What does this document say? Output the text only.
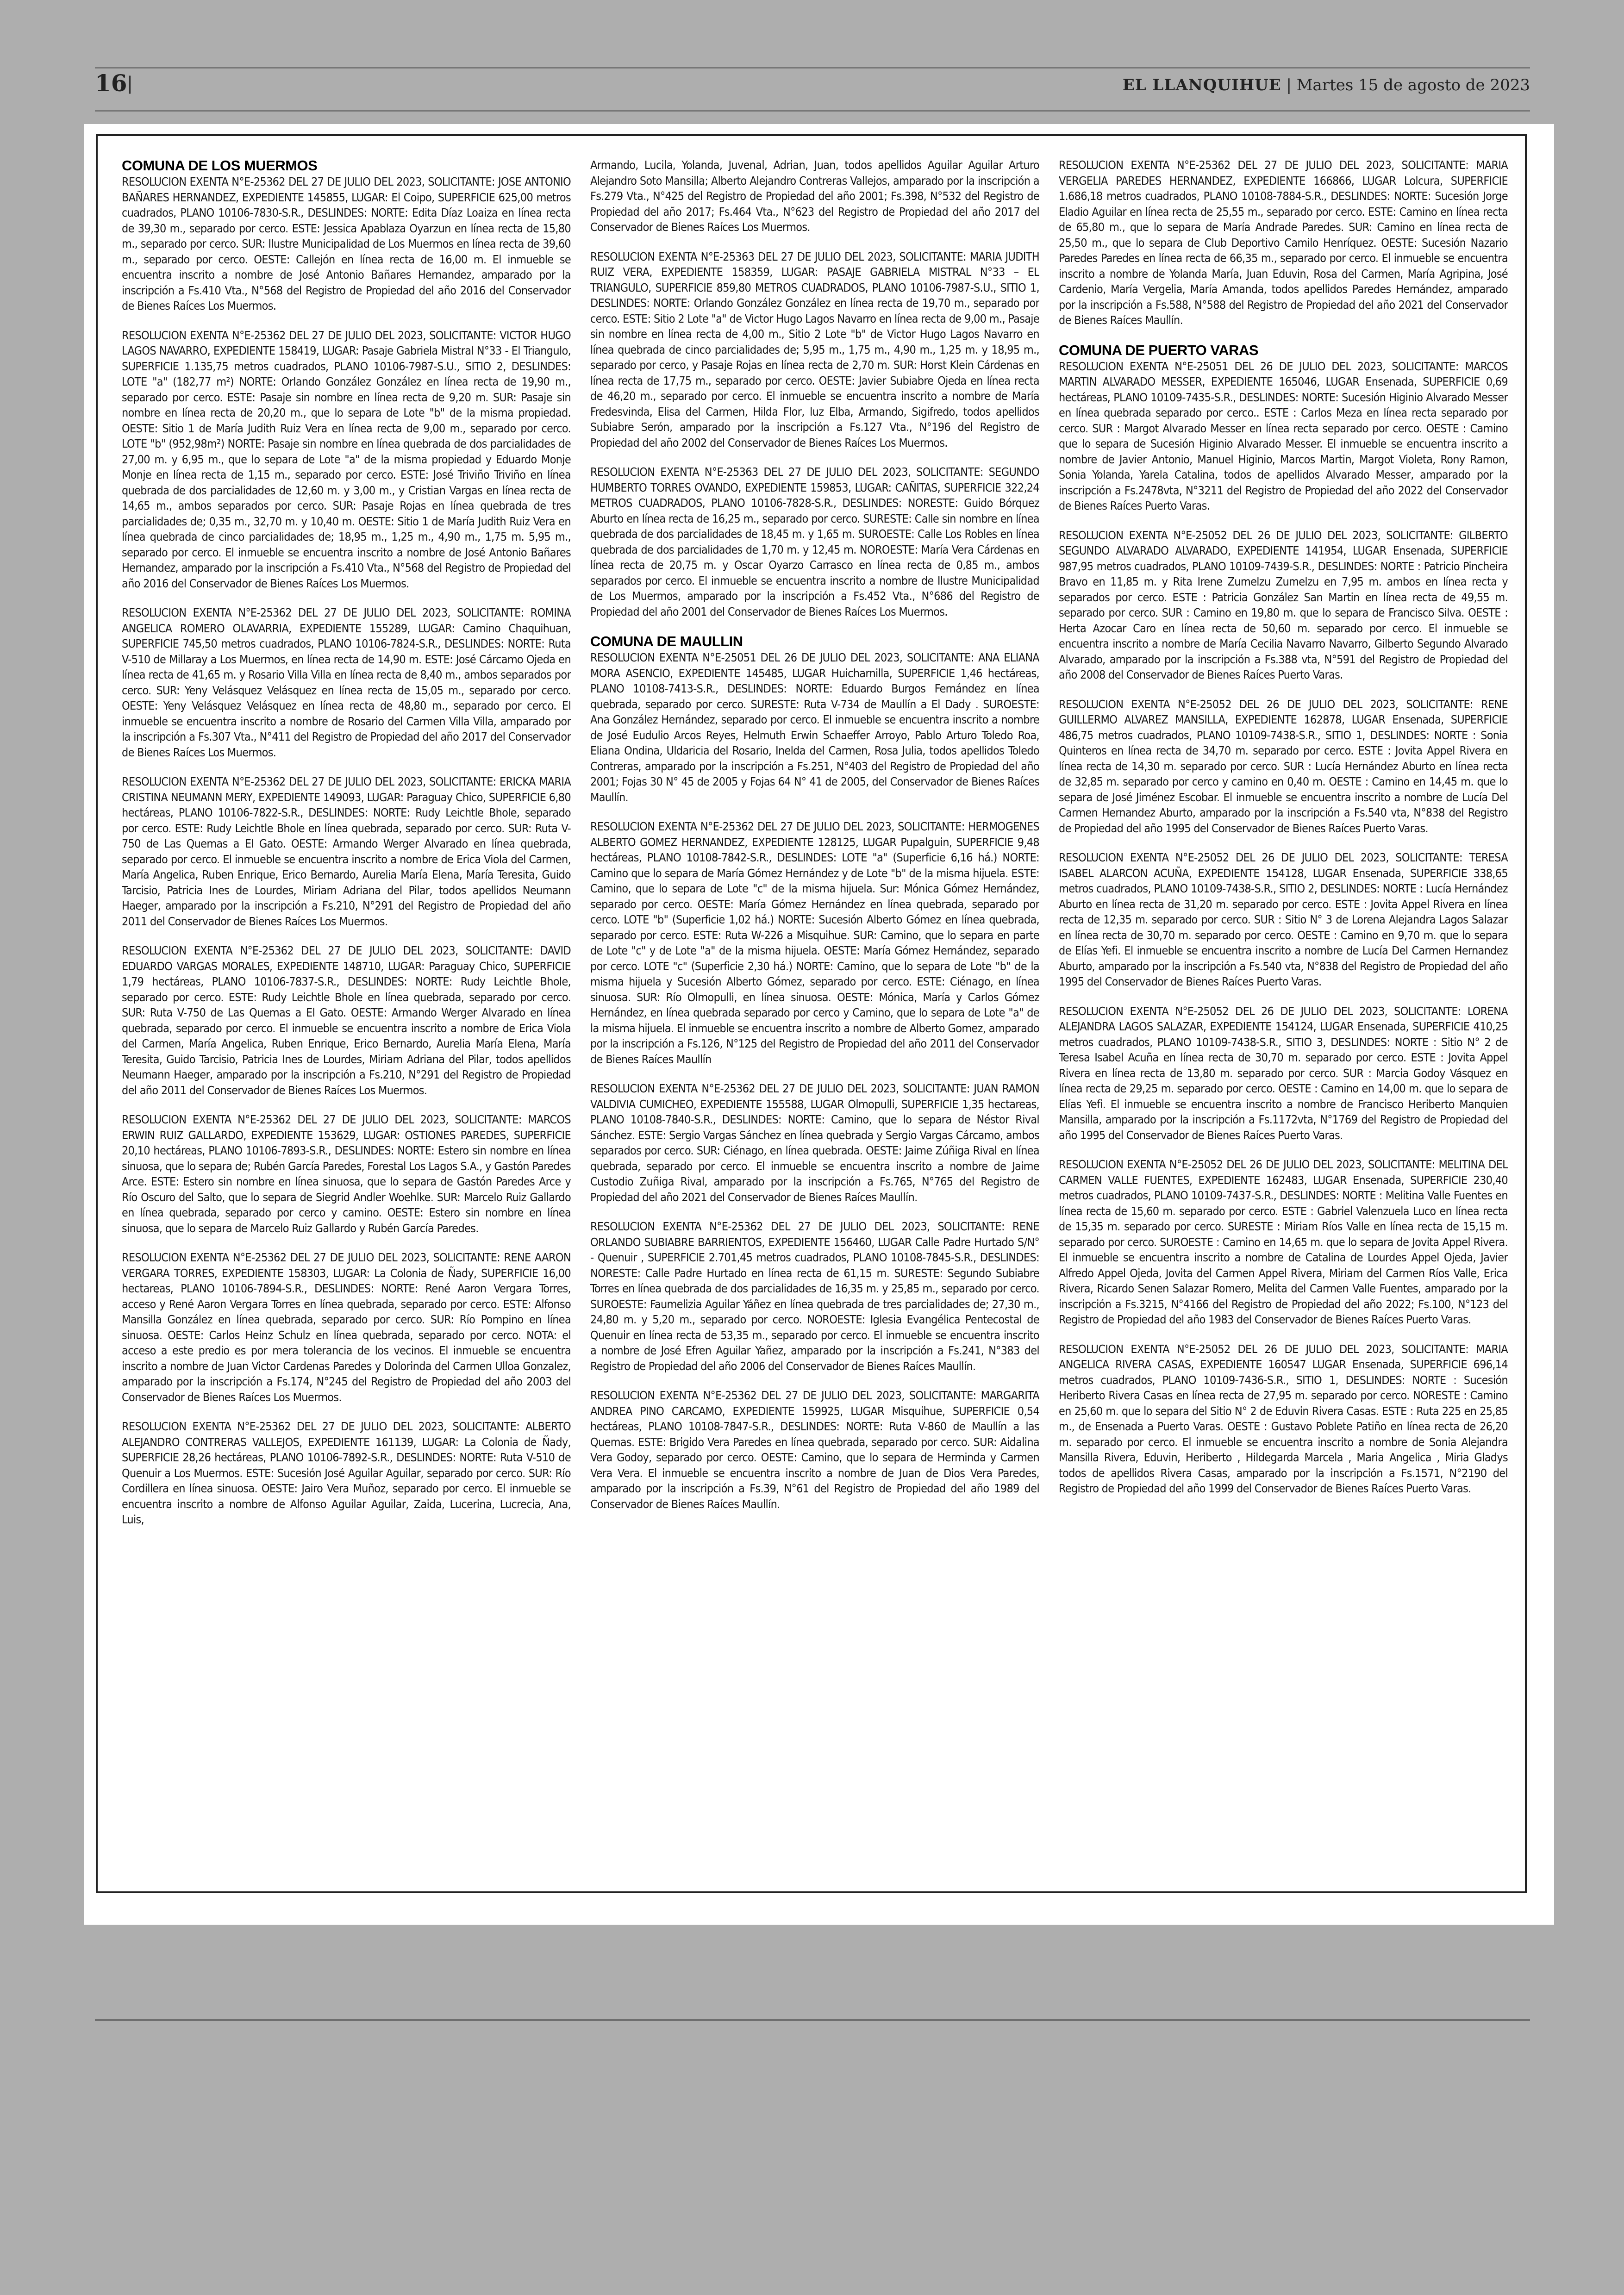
16 |	EL LLANQUIHUE | Martes 15 de agosto de 2023
COMUNA DE LOS MUERMOS

RESOLUCION EXENTA N°E-25362 DEL 27 DE JULIO DEL 2023, SOLICITANTE: JOSE ANTONIO BAÑARES HERNANDEZ, EXPEDIENTE 145855, LUGAR: El Coipo, SUPERFICIE 625,00 metros cuadrados, PLANO 10106-7830-S.R., DESLINDES: NORTE: Edita Díaz Loaiza en línea recta de 39,30 m., separado por cerco. ESTE: Jessica Apablaza Oyarzun en línea recta de 15,80 m., separado por cerco. SUR: Ilustre Municipalidad de Los Muermos en línea recta de 39,60 m., separado por cerco. OESTE: Callejón en línea recta de 16,00 m. El inmueble se encuentra inscrito a nombre de José Antonio Bañares Hernandez, amparado por la inscripción a Fs.410 Vta., N°568 del Registro de Propiedad del año 2016 del Conservador de Bienes Raíces Los Muermos.

RESOLUCION EXENTA N°E-25362 DEL 27 DE JULIO DEL 2023, SOLICITANTE: VICTOR HUGO LAGOS NAVARRO, EXPEDIENTE 158419, LUGAR: Pasaje Gabriela Mistral N°33 - El Triangulo, SUPERFICIE 1.135,75 metros cuadrados, PLANO 10106-7987-S.U., SITIO 2, DESLINDES: LOTE "a" (182,77 m²) NORTE: Orlando González González en línea recta de 19,90 m., separado por cerco. ESTE: Pasaje sin nombre en línea recta de 9,20 m. SUR: Pasaje sin nombre en línea recta de 20,20 m., que lo separa de Lote "b" de la misma propiedad. OESTE: Sitio 1 de María Judith Ruiz Vera en línea recta de 9,00 m., separado por cerco. LOTE "b" (952,98m²) NORTE: Pasaje sin nombre en línea quebrada de dos parcialidades de 27,00 m. y 6,95 m., que lo separa de Lote "a" de la misma propiedad y Eduardo Monje Monje en línea recta de 1,15 m., separado por cerco. ESTE: José Triviño Triviño en línea quebrada de dos parcialidades de 12,60 m. y 3,00 m., y Cristian Vargas en línea recta de 14,65 m., ambos separados por cerco. SUR: Pasaje Rojas en línea quebrada de tres parcialidades de; 0,35 m., 32,70 m. y 10,40 m. OESTE: Sitio 1 de María Judith Ruiz Vera en línea quebrada de cinco parcialidades de; 18,95 m., 1,25 m., 4,90 m., 1,75 m. 5,95 m., separado por cerco. El inmueble se encuentra inscrito a nombre de José Antonio Bañares Hernandez, amparado por la inscripción a Fs.410 Vta., N°568 del Registro de Propiedad del año 2016 del Conservador de Bienes Raíces Los Muermos.

RESOLUCION EXENTA N°E-25362 DEL 27 DE JULIO DEL 2023, SOLICITANTE: ROMINA ANGELICA ROMERO OLAVARRIA, EXPEDIENTE 155289, LUGAR: Camino Chaquihuan, SUPERFICIE 745,50 metros cuadrados, PLANO 10106-7824-S.R., DESLINDES: NORTE: Ruta V-510 de Millaray a Los Muermos, en línea recta de 14,90 m. ESTE: José Cárcamo Ojeda en línea recta de 41,65 m. y Rosario Villa Villa en línea recta de 8,40 m., ambos separados por cerco. SUR: Yeny Velásquez Velásquez en línea recta de 15,05 m., separado por cerco. OESTE: Yeny Velásquez Velásquez en línea recta de 48,80 m., separado por cerco. El inmueble se encuentra inscrito a nombre de Rosario del Carmen Villa Villa, amparado por la inscripción a Fs.307 Vta., N°411 del Registro de Propiedad del año 2017 del Conservador de Bienes Raíces Los Muermos.

RESOLUCION EXENTA N°E-25362 DEL 27 DE JULIO DEL 2023, SOLICITANTE: ERICKA MARIA CRISTINA NEUMANN MERY, EXPEDIENTE 149093, LUGAR: Paraguay Chico, SUPERFICIE 6,80 hectáreas, PLANO 10106-7822-S.R., DESLINDES: NORTE: Rudy Leichtle Bhole, separado por cerco. ESTE: Rudy Leichtle Bhole en línea quebrada, separado por cerco. SUR: Ruta V-750 de Las Quemas a El Gato. OESTE: Armando Werger Alvarado en línea quebrada, separado por cerco. El inmueble se encuentra inscrito a nombre de Erica Viola del Carmen, María Angelica, Ruben Enrique, Erico Bernardo, Aurelia María Elena, María Teresita, Guido Tarcisio, Patricia Ines de Lourdes, Miriam Adriana del Pilar, todos apellidos Neumann Haeger, amparado por la inscripción a Fs.210, N°291 del Registro de Propiedad del año 2011 del Conservador de Bienes Raíces Los Muermos.

RESOLUCION EXENTA N°E-25362 DEL 27 DE JULIO DEL 2023, SOLICITANTE: DAVID EDUARDO VARGAS MORALES, EXPEDIENTE 148710, LUGAR: Paraguay Chico, SUPERFICIE 1,79 hectáreas, PLANO 10106-7837-S.R., DESLINDES: NORTE: Rudy Leichtle Bhole, separado por cerco. ESTE: Rudy Leichtle Bhole en línea quebrada, separado por cerco. SUR: Ruta V-750 de Las Quemas a El Gato. OESTE: Armando Werger Alvarado en línea quebrada, separado por cerco. El inmueble se encuentra inscrito a nombre de Erica Viola del Carmen, María Angelica, Ruben Enrique, Erico Bernardo, Aurelia María Elena, María Teresita, Guido Tarcisio, Patricia Ines de Lourdes, Miriam Adriana del Pilar, todos apellidos Neumann Haeger, amparado por la inscripción a Fs.210, N°291 del Registro de Propiedad del año 2011 del Conservador de Bienes Raíces Los Muermos.

RESOLUCION EXENTA N°E-25362 DEL 27 DE JULIO DEL 2023, SOLICITANTE: MARCOS ERWIN RUIZ GALLARDO, EXPEDIENTE 153629, LUGAR: OSTIONES PAREDES, SUPERFICIE 20,10 hectáreas, PLANO 10106-7893-S.R., DESLINDES: NORTE: Estero sin nombre en línea sinuosa, que lo separa de; Rubén García Paredes, Forestal Los Lagos S.A., y Gastón Paredes Arce. ESTE: Estero sin nombre en línea sinuosa, que lo separa de Gastón Paredes Arce y Río Oscuro del Salto, que lo separa de Siegrid Andler Woehlke. SUR: Marcelo Ruiz Gallardo en línea quebrada, separado por cerco y camino. OESTE: Estero sin nombre en línea sinuosa, que lo separa de Marcelo Ruiz Gallardo y Rubén García Paredes.

RESOLUCION EXENTA N°E-25362 DEL 27 DE JULIO DEL 2023, SOLICITANTE: RENE AARON VERGARA TORRES, EXPEDIENTE 158303, LUGAR: La Colonia de Ñady, SUPERFICIE 16,00 hectareas, PLANO 10106-7894-S.R., DESLINDES: NORTE: René Aaron Vergara Torres, acceso y René Aaron Vergara Torres en línea quebrada, separado por cerco. ESTE: Alfonso Mansilla González en línea quebrada, separado por cerco. SUR: Río Pompino en línea sinuosa. OESTE: Carlos Heinz Schulz en línea quebrada, separado por cerco. NOTA: el acceso a este predio es por mera tolerancia de los vecinos. El inmueble se encuentra inscrito a nombre de Juan Victor Cardenas Paredes y Dolorinda del Carmen Ulloa Gonzalez, amparado por la inscripción a Fs.174, N°245 del Registro de Propiedad del año 2003 del Conservador de Bienes Raíces Los Muermos.

RESOLUCION EXENTA N°E-25362 DEL 27 DE JULIO DEL 2023, SOLICITANTE: ALBERTO ALEJANDRO CONTRERAS VALLEJOS, EXPEDIENTE 161139, LUGAR: La Colonia de Ñady, SUPERFICIE 28,26 hectáreas, PLANO 10106-7892-S.R., DESLINDES: NORTE: Ruta V-510 de Quenuir a Los Muermos. ESTE: Sucesión José Aguilar Aguilar, separado por cerco. SUR: Río Cordillera en línea sinuosa. OESTE: Jairo Vera Muñoz, separado por cerco. El inmueble se encuentra inscrito a nombre de Alfonso Aguilar Aguilar, Zaida, Lucerina, Lucrecia, Ana, Luis,

Armando, Lucila, Yolanda, Juvenal, Adrian, Juan, todos apellidos Aguilar Aguilar Arturo Alejandro Soto Mansilla; Alberto Alejandro Contreras Vallejos, amparado por la inscripción a Fs.279 Vta., N°425 del Registro de Propiedad del año 2001; Fs.398, N°532 del Registro de Propiedad del año 2017; Fs.464 Vta., N°623 del Registro de Propiedad del año 2017 del Conservador de Bienes Raíces Los Muermos.

RESOLUCION EXENTA N°E-25363 DEL 27 DE JULIO DEL 2023, SOLICITANTE: MARIA JUDITH RUIZ VERA, EXPEDIENTE 158359, LUGAR: PASAJE GABRIELA MISTRAL N°33 – EL TRIANGULO, SUPERFICIE 859,80 METROS CUADRADOS, PLANO 10106-7987-S.U., SITIO 1, DESLINDES: NORTE: Orlando González González en línea recta de 19,70 m., separado por cerco. ESTE: Sitio 2 Lote "a" de Victor Hugo Lagos Navarro en línea recta de 9,00 m., Pasaje sin nombre en línea recta de 4,00 m., Sitio 2 Lote "b" de Victor Hugo Lagos Navarro en línea quebrada de cinco parcialidades de; 5,95 m., 1,75 m., 4,90 m., 1,25 m. y 18,95 m., separado por cerco, y Pasaje Rojas en línea recta de 2,70 m. SUR: Horst Klein Cárdenas en línea recta de 17,75 m., separado por cerco. OESTE: Javier Subiabre Ojeda en línea recta de 46,20 m., separado por cerco. El inmueble se encuentra inscrito a nombre de María Fredesvinda, Elisa del Carmen, Hilda Flor, luz Elba, Armando, Sigifredo, todos apellidos Subiabre Serón, amparado por la inscripción a Fs.127 Vta., N°196 del Registro de Propiedad del año 2002 del Conservador de Bienes Raíces Los Muermos.

RESOLUCION EXENTA N°E-25363 DEL 27 DE JULIO DEL 2023, SOLICITANTE: SEGUNDO HUMBERTO TORRES OVANDO, EXPEDIENTE 159853, LUGAR: CAÑITAS, SUPERFICIE 322,24 METROS CUADRADOS, PLANO 10106-7828-S.R., DESLINDES: NORESTE: Guido Bórquez Aburto en línea recta de 16,25 m., separado por cerco. SURESTE: Calle sin nombre en línea quebrada de dos parcialidades de 18,45 m. y 1,65 m. SUROESTE: Calle Los Robles en línea quebrada de dos parcialidades de 1,70 m. y 12,45 m. NOROESTE: María Vera Cárdenas en línea recta de 20,75 m. y Oscar Oyarzo Carrasco en línea recta de 0,85 m., ambos separados por cerco. El inmueble se encuentra inscrito a nombre de Ilustre Municipalidad de Los Muermos, amparado por la inscripción a Fs.452 Vta., N°686 del Registro de Propiedad del año 2001 del Conservador de Bienes Raíces Los Muermos.

COMUNA DE MAULLIN

RESOLUCION EXENTA N°E-25051 DEL 26 DE JULIO DEL 2023, SOLICITANTE: ANA ELIANA MORA ASENCIO, EXPEDIENTE 145485, LUGAR Huicharnilla, SUPERFICIE 1,46 hectáreas, PLANO 10108-7413-S.R., DESLINDES: NORTE: Eduardo Burgos Fernández en línea quebrada, separado por cerco. SURESTE: Ruta V-734 de Maullín a El Dady . SUROESTE: Ana González Hernández, separado por cerco. El inmueble se encuentra inscrito a nombre de José Eudulio Arcos Reyes, Helmuth Erwin Schaeffer Arroyo, Pablo Arturo Toledo Roa, Eliana Ondina, Uldaricia del Rosario, Inelda del Carmen, Rosa Julia, todos apellidos Toledo Contreras, amparado por la inscripción a Fs.251, N°403 del Registro de Propiedad del año 2001; Fojas 30 N° 45 de 2005 y Fojas 64 N° 41 de 2005, del Conservador de Bienes Raíces Maullín.

RESOLUCION EXENTA N°E-25362 DEL 27 DE JULIO DEL 2023, SOLICITANTE: HERMOGENES ALBERTO GOMEZ HERNANDEZ, EXPEDIENTE 128125, LUGAR Pupalguin, SUPERFICIE 9,48 hectáreas, PLANO 10108-7842-S.R., DESLINDES: LOTE "a" (Superficie 6,16 há.) NORTE: Camino que lo separa de María Gómez Hernández y de Lote "b" de la misma hijuela. ESTE: Camino, que lo separa de Lote "c" de la misma hijuela. Sur: Mónica Gómez Hernández, separado por cerco. OESTE: María Gómez Hernández en línea quebrada, separado por cerco. LOTE "b" (Superficie 1,02 há.) NORTE: Sucesión Alberto Gómez en línea quebrada, separado por cerco. ESTE: Ruta W-226 a Misquihue. SUR: Camino, que lo separa en parte de Lote "c" y de Lote "a" de la misma hijuela. OESTE: María Gómez Hernández, separado por cerco. LOTE "c" (Superficie 2,30 há.) NORTE: Camino, que lo separa de Lote "b" de la misma hijuela y Sucesión Alberto Gómez, separado por cerco. ESTE: Ciénago, en línea sinuosa. SUR: Río Olmopulli, en línea sinuosa. OESTE: Mónica, María y Carlos Gómez Hernández, en línea quebrada separado por cerco y Camino, que lo separa de Lote "a" de la misma hijuela. El inmueble se encuentra inscrito a nombre de Alberto Gomez, amparado por la inscripción a Fs.126, N°125 del Registro de Propiedad del año 2011 del Conservador de Bienes Raíces Maullín

RESOLUCION EXENTA N°E-25362 DEL 27 DE JULIO DEL 2023, SOLICITANTE: JUAN RAMON VALDIVIA CUMICHEO, EXPEDIENTE 155588, LUGAR Olmopulli, SUPERFICIE 1,35 hectareas, PLANO 10108-7840-S.R., DESLINDES: NORTE: Camino, que lo separa de Néstor Rival Sánchez. ESTE: Sergio Vargas Sánchez en línea quebrada y Sergio Vargas Cárcamo, ambos separados por cerco. SUR: Ciénago, en línea quebrada. OESTE: Jaime Zúñiga Rival en línea quebrada, separado por cerco. El inmueble se encuentra inscrito a nombre de Jaime Custodio Zuñiga Rival, amparado por la inscripción a Fs.765, N°765 del Registro de Propiedad del año 2021 del Conservador de Bienes Raíces Maullín.

RESOLUCION EXENTA N°E-25362 DEL 27 DE JULIO DEL 2023, SOLICITANTE: RENE ORLANDO SUBIABRE BARRIENTOS, EXPEDIENTE 156460, LUGAR Calle Padre Hurtado S/N° - Quenuir , SUPERFICIE 2.701,45 metros cuadrados, PLANO 10108-7845-S.R., DESLINDES: NORESTE: Calle Padre Hurtado en línea recta de 61,15 m. SURESTE: Segundo Subiabre Torres en línea quebrada de dos parcialidades de 16,35 m. y 25,85 m., separado por cerco. SUROESTE: Faumelizia Aguilar Yáñez en línea quebrada de tres parcialidades de; 27,30 m., 24,80 m. y 5,20 m., separado por cerco. NOROESTE: Iglesia Evangélica Pentecostal de Quenuir en línea recta de 53,35 m., separado por cerco. El inmueble se encuentra inscrito a nombre de José Efren Aguilar Yañez, amparado por la inscripción a Fs.241, N°383 del Registro de Propiedad del año 2006 del Conservador de Bienes Raíces Maullín.

RESOLUCION EXENTA N°E-25362 DEL 27 DE JULIO DEL 2023, SOLICITANTE: MARGARITA ANDREA PINO CARCAMO, EXPEDIENTE 159925, LUGAR Misquihue, SUPERFICIE 0,54 hectáreas, PLANO 10108-7847-S.R., DESLINDES: NORTE: Ruta V-860 de Maullín a las Quemas. ESTE: Brigido Vera Paredes en línea quebrada, separado por cerco. SUR: Aidalina Vera Godoy, separado por cerco. OESTE: Camino, que lo separa de Herminda y Carmen Vera Vera. El inmueble se encuentra inscrito a nombre de Juan de Dios Vera Paredes, amparado por la inscripción a Fs.39, N°61 del Registro de Propiedad del año 1989 del Conservador de Bienes Raíces Maullín.

RESOLUCION EXENTA N°E-25362 DEL 27 DE JULIO DEL 2023, SOLICITANTE: MARIA VERGELIA PAREDES HERNANDEZ, EXPEDIENTE 166866, LUGAR Lolcura, SUPERFICIE 1.686,18 metros cuadrados, PLANO 10108-7884-S.R., DESLINDES: NORTE: Sucesión Jorge Eladio Aguilar en línea recta de 25,55 m., separado por cerco. ESTE: Camino en línea recta de 65,80 m., que lo separa de María Andrade Paredes. SUR: Camino en línea recta de 25,50 m., que lo separa de Club Deportivo Camilo Henríquez. OESTE: Sucesión Nazario Paredes Paredes en línea recta de 66,35 m., separado por cerco. El inmueble se encuentra inscrito a nombre de Yolanda María, Juan Eduvin, Rosa del Carmen, María Agripina, José Cardenio, María Vergelia, María Amanda, todos apellidos Paredes Hernández, amparado por la inscripción a Fs.588, N°588 del Registro de Propiedad del año 2021 del Conservador de Bienes Raíces Maullín.

COMUNA DE PUERTO VARAS

RESOLUCION EXENTA N°E-25051 DEL 26 DE JULIO DEL 2023, SOLICITANTE: MARCOS MARTIN ALVARADO MESSER, EXPEDIENTE 165046, LUGAR Ensenada, SUPERFICIE 0,69 hectáreas, PLANO 10109-7435-S.R., DESLINDES: NORTE: Sucesión Higinio Alvarado Messer en línea quebrada separado por cerco.. ESTE : Carlos Meza en línea recta separado por cerco. SUR : Margot Alvarado Messer en línea recta separado por cerco. OESTE : Camino que lo separa de Sucesión Higinio Alvarado Messer. El inmueble se encuentra inscrito a nombre de Javier Antonio, Manuel Higinio, Marcos Martin, Margot Violeta, Rony Ramon, Sonia Yolanda, Yarela Catalina, todos de apellidos Alvarado Messer, amparado por la inscripción a Fs.2478vta, N°3211 del Registro de Propiedad del año 2022 del Conservador de Bienes Raíces Puerto Varas.

RESOLUCION EXENTA N°E-25052 DEL 26 DE JULIO DEL 2023, SOLICITANTE: GILBERTO SEGUNDO ALVARADO ALVARADO, EXPEDIENTE 141954, LUGAR Ensenada, SUPERFICIE 987,95 metros cuadrados, PLANO 10109-7439-S.R., DESLINDES: NORTE : Patricio Pincheira Bravo en 11,85 m. y Rita Irene Zumelzu Zumelzu en 7,95 m. ambos en línea recta y separados por cerco. ESTE : Patricia González San Martin en línea recta de 49,55 m. separado por cerco. SUR : Camino en 19,80 m. que lo separa de Francisco Silva. OESTE : Herta Azocar Caro en línea recta de 50,60 m. separado por cerco. El inmueble se encuentra inscrito a nombre de María Cecilia Navarro Navarro, Gilberto Segundo Alvarado Alvarado, amparado por la inscripción a Fs.388 vta, N°591 del Registro de Propiedad del año 2008 del Conservador de Bienes Raíces Puerto Varas.

RESOLUCION EXENTA N°E-25052 DEL 26 DE JULIO DEL 2023, SOLICITANTE: RENE GUILLERMO ALVAREZ MANSILLA, EXPEDIENTE 162878, LUGAR Ensenada, SUPERFICIE 486,75 metros cuadrados, PLANO 10109-7438-S.R., SITIO 1, DESLINDES: NORTE : Sonia Quinteros en línea recta de 34,70 m. separado por cerco. ESTE : Jovita Appel Rivera en línea recta de 14,30 m. separado por cerco. SUR : Lucía Hernández Aburto en línea recta de 32,85 m. separado por cerco y camino en 0,40 m. OESTE : Camino en 14,45 m. que lo separa de José Jiménez Escobar. El inmueble se encuentra inscrito a nombre de Lucía Del Carmen Hernandez Aburto, amparado por la inscripción a Fs.540 vta, N°838 del Registro de Propiedad del año 1995 del Conservador de Bienes Raíces Puerto Varas.

RESOLUCION EXENTA N°E-25052 DEL 26 DE JULIO DEL 2023, SOLICITANTE: TERESA ISABEL ALARCON ACUÑA, EXPEDIENTE 154128, LUGAR Ensenada, SUPERFICIE 338,65 metros cuadrados, PLANO 10109-7438-S.R., SITIO 2, DESLINDES: NORTE : Lucía Hernández Aburto en línea recta de 31,20 m. separado por cerco. ESTE : Jovita Appel Rivera en línea recta de 12,35 m. separado por cerco. SUR : Sitio N° 3 de Lorena Alejandra Lagos Salazar en línea recta de 30,70 m. separado por cerco. OESTE : Camino en 9,70 m. que lo separa de Elías Yefi. El inmueble se encuentra inscrito a nombre de Lucía Del Carmen Hernandez Aburto, amparado por la inscripción a Fs.540 vta, N°838 del Registro de Propiedad del año 1995 del Conservador de Bienes Raíces Puerto Varas.

RESOLUCION EXENTA N°E-25052 DEL 26 DE JULIO DEL 2023, SOLICITANTE: LORENA ALEJANDRA LAGOS SALAZAR, EXPEDIENTE 154124, LUGAR Ensenada, SUPERFICIE 410,25 metros cuadrados, PLANO 10109-7438-S.R., SITIO 3, DESLINDES: NORTE : Sitio N° 2 de Teresa Isabel Acuña en línea recta de 30,70 m. separado por cerco. ESTE : Jovita Appel Rivera en línea recta de 13,80 m. separado por cerco. SUR : Marcia Godoy Vásquez en línea recta de 29,25 m. separado por cerco. OESTE : Camino en 14,00 m. que lo separa de Elías Yefi. El inmueble se encuentra inscrito a nombre de Francisco Heriberto Manquien Mansilla, amparado por la inscripción a Fs.1172vta, N°1769 del Registro de Propiedad del año 1995 del Conservador de Bienes Raíces Puerto Varas.

RESOLUCION EXENTA N°E-25052 DEL 26 DE JULIO DEL 2023, SOLICITANTE: MELITINA DEL CARMEN VALLE FUENTES, EXPEDIENTE 162483, LUGAR Ensenada, SUPERFICIE 230,40 metros cuadrados, PLANO 10109-7437-S.R., DESLINDES: NORTE : Melitina Valle Fuentes en línea recta de 15,60 m. separado por cerco. ESTE : Gabriel Valenzuela Luco en línea recta de 15,35 m. separado por cerco. SURESTE : Miriam Ríos Valle en línea recta de 15,15 m. separado por cerco. SUROESTE : Camino en 14,65 m. que lo separa de Jovita Appel Rivera. El inmueble se encuentra inscrito a nombre de Catalina de Lourdes Appel Ojeda, Javier Alfredo Appel Ojeda, Jovita del Carmen Appel Rivera, Miriam del Carmen Ríos Valle, Erica Rivera, Ricardo Senen Salazar Romero, Melita del Carmen Valle Fuentes, amparado por la inscripción a Fs.3215, N°4166 del Registro de Propiedad del año 2022; Fs.100, N°123 del Registro de Propiedad del año 1983 del Conservador de Bienes Raíces Puerto Varas.

RESOLUCION EXENTA N°E-25052 DEL 26 DE JULIO DEL 2023, SOLICITANTE: MARIA ANGELICA RIVERA CASAS, EXPEDIENTE 160547 LUGAR Ensenada, SUPERFICIE 696,14 metros cuadrados, PLANO 10109-7436-S.R., SITIO 1, DESLINDES: NORTE : Sucesión Heriberto Rivera Casas en línea recta de 27,95 m. separado por cerco. NORESTE : Camino en 25,60 m. que lo separa del Sitio N° 2 de Eduvin Rivera Casas. ESTE : Ruta 225 en 25,85 m., de Ensenada a Puerto Varas. OESTE : Gustavo Poblete Patiño en línea recta de 26,20 m. separado por cerco. El inmueble se encuentra inscrito a nombre de Sonia Alejandra Mansilla Rivera, Eduvin, Heriberto , Hildegarda Marcela , Maria Angelica , Miria Gladys todos de apellidos Rivera Casas, amparado por la inscripción a Fs.1571, N°2190 del Registro de Propiedad del año 1999 del Conservador de Bienes Raíces Puerto Varas.
